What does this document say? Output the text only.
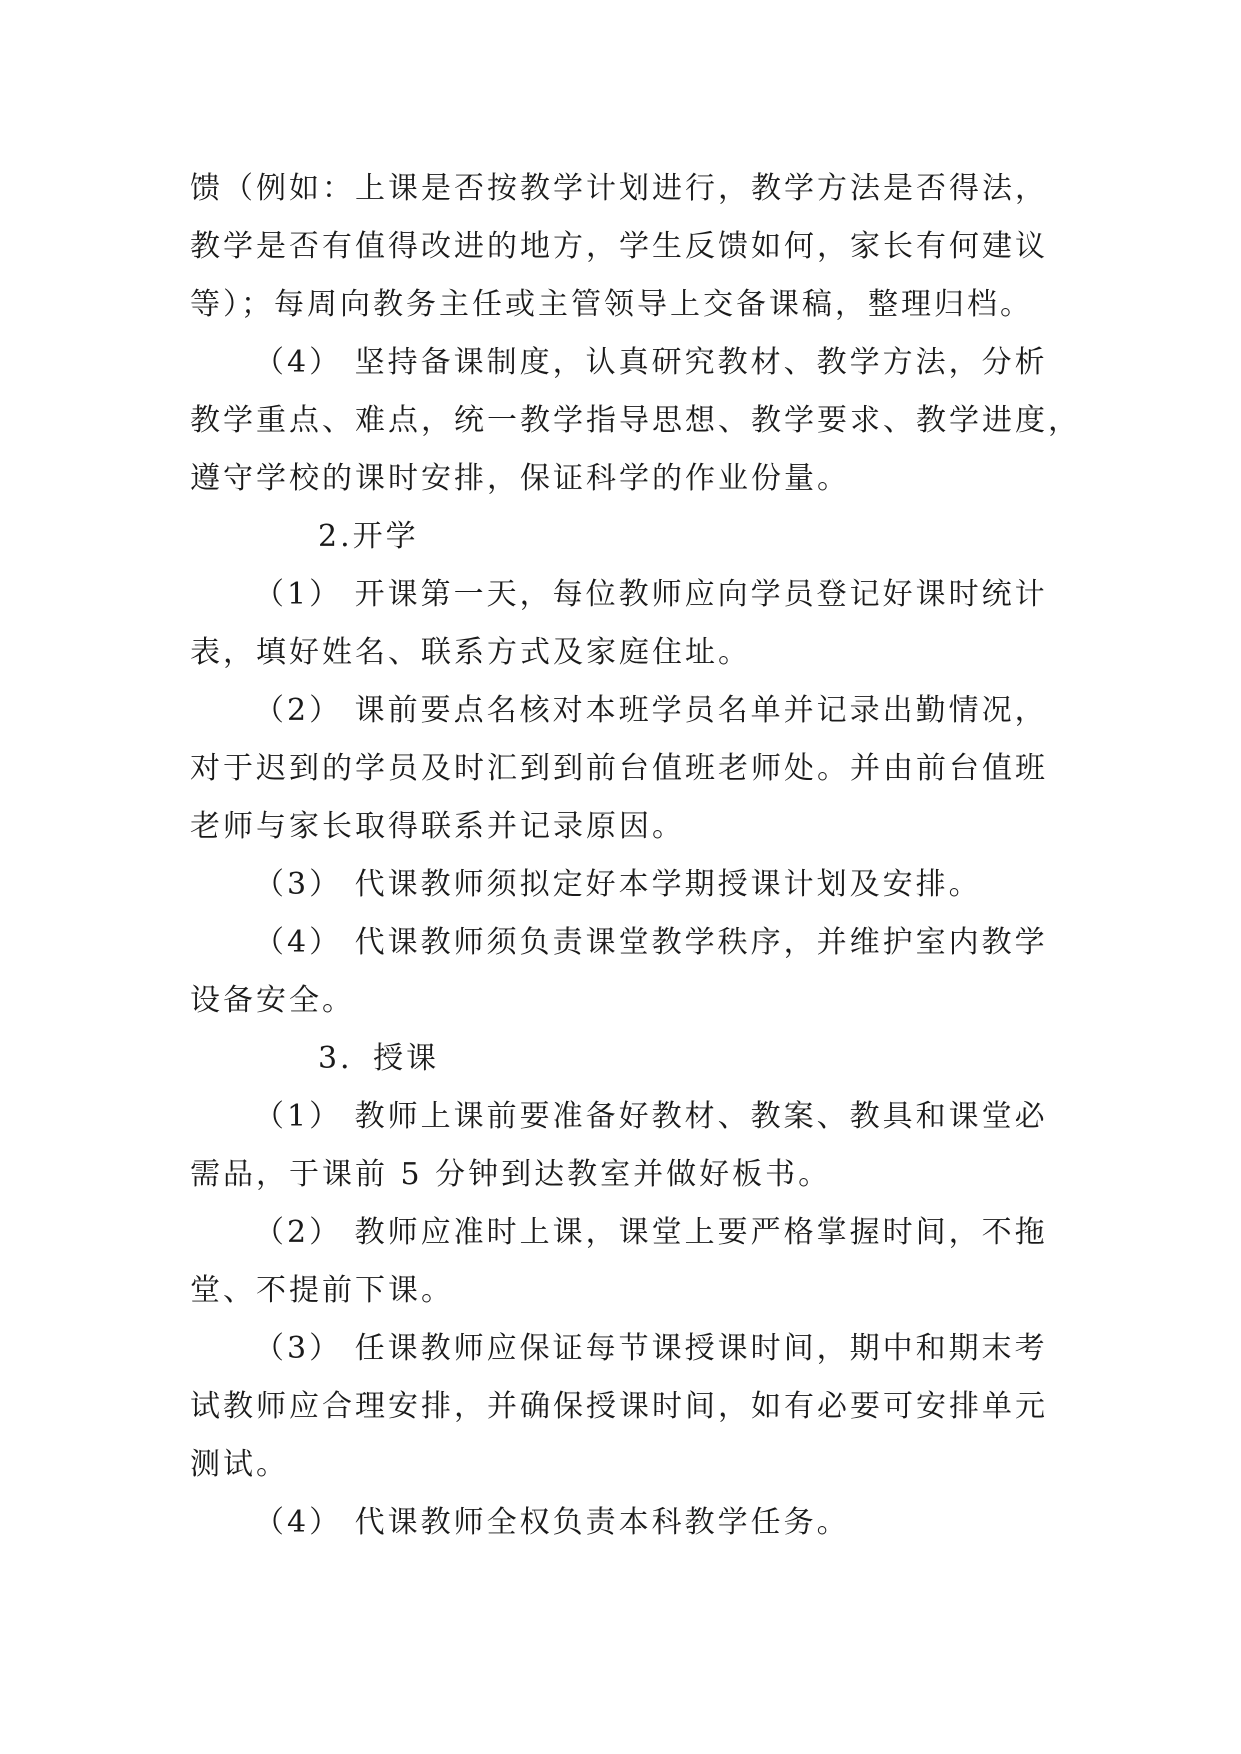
馈（例如：上课是否按教学计划进行，教学方法是否得法，
教学是否有值得改进的地方，学生反馈如何，家长有何建议
等）；每周向教务主任或主管领导上交备课稿，整理归档。
（4） 坚持备课制度，认真研究教材、教学方法，分析
教学重点、难点，统一教学指导思想、教学要求、教学进度，
遵守学校的课时安排，保证科学的作业份量。
2.开学
（1） 开课第一天，每位教师应向学员登记好课时统计
表，填好姓名、联系方式及家庭住址。
（2） 课前要点名核对本班学员名单并记录出勤情况，
对于迟到的学员及时汇到到前台值班老师处。并由前台值班
老师与家长取得联系并记录原因。
（3） 代课教师须拟定好本学期授课计划及安排。
（4） 代课教师须负责课堂教学秩序，并维护室内教学
设备安全。
3．授课
（1） 教师上课前要准备好教材、教案、教具和课堂必
需品，于课前 5 分钟到达教室并做好板书。
（2） 教师应准时上课，课堂上要严格掌握时间，不拖
堂、不提前下课。
（3） 任课教师应保证每节课授课时间，期中和期末考
试教师应合理安排，并确保授课时间，如有必要可安排单元
测试。
（4） 代课教师全权负责本科教学任务。
